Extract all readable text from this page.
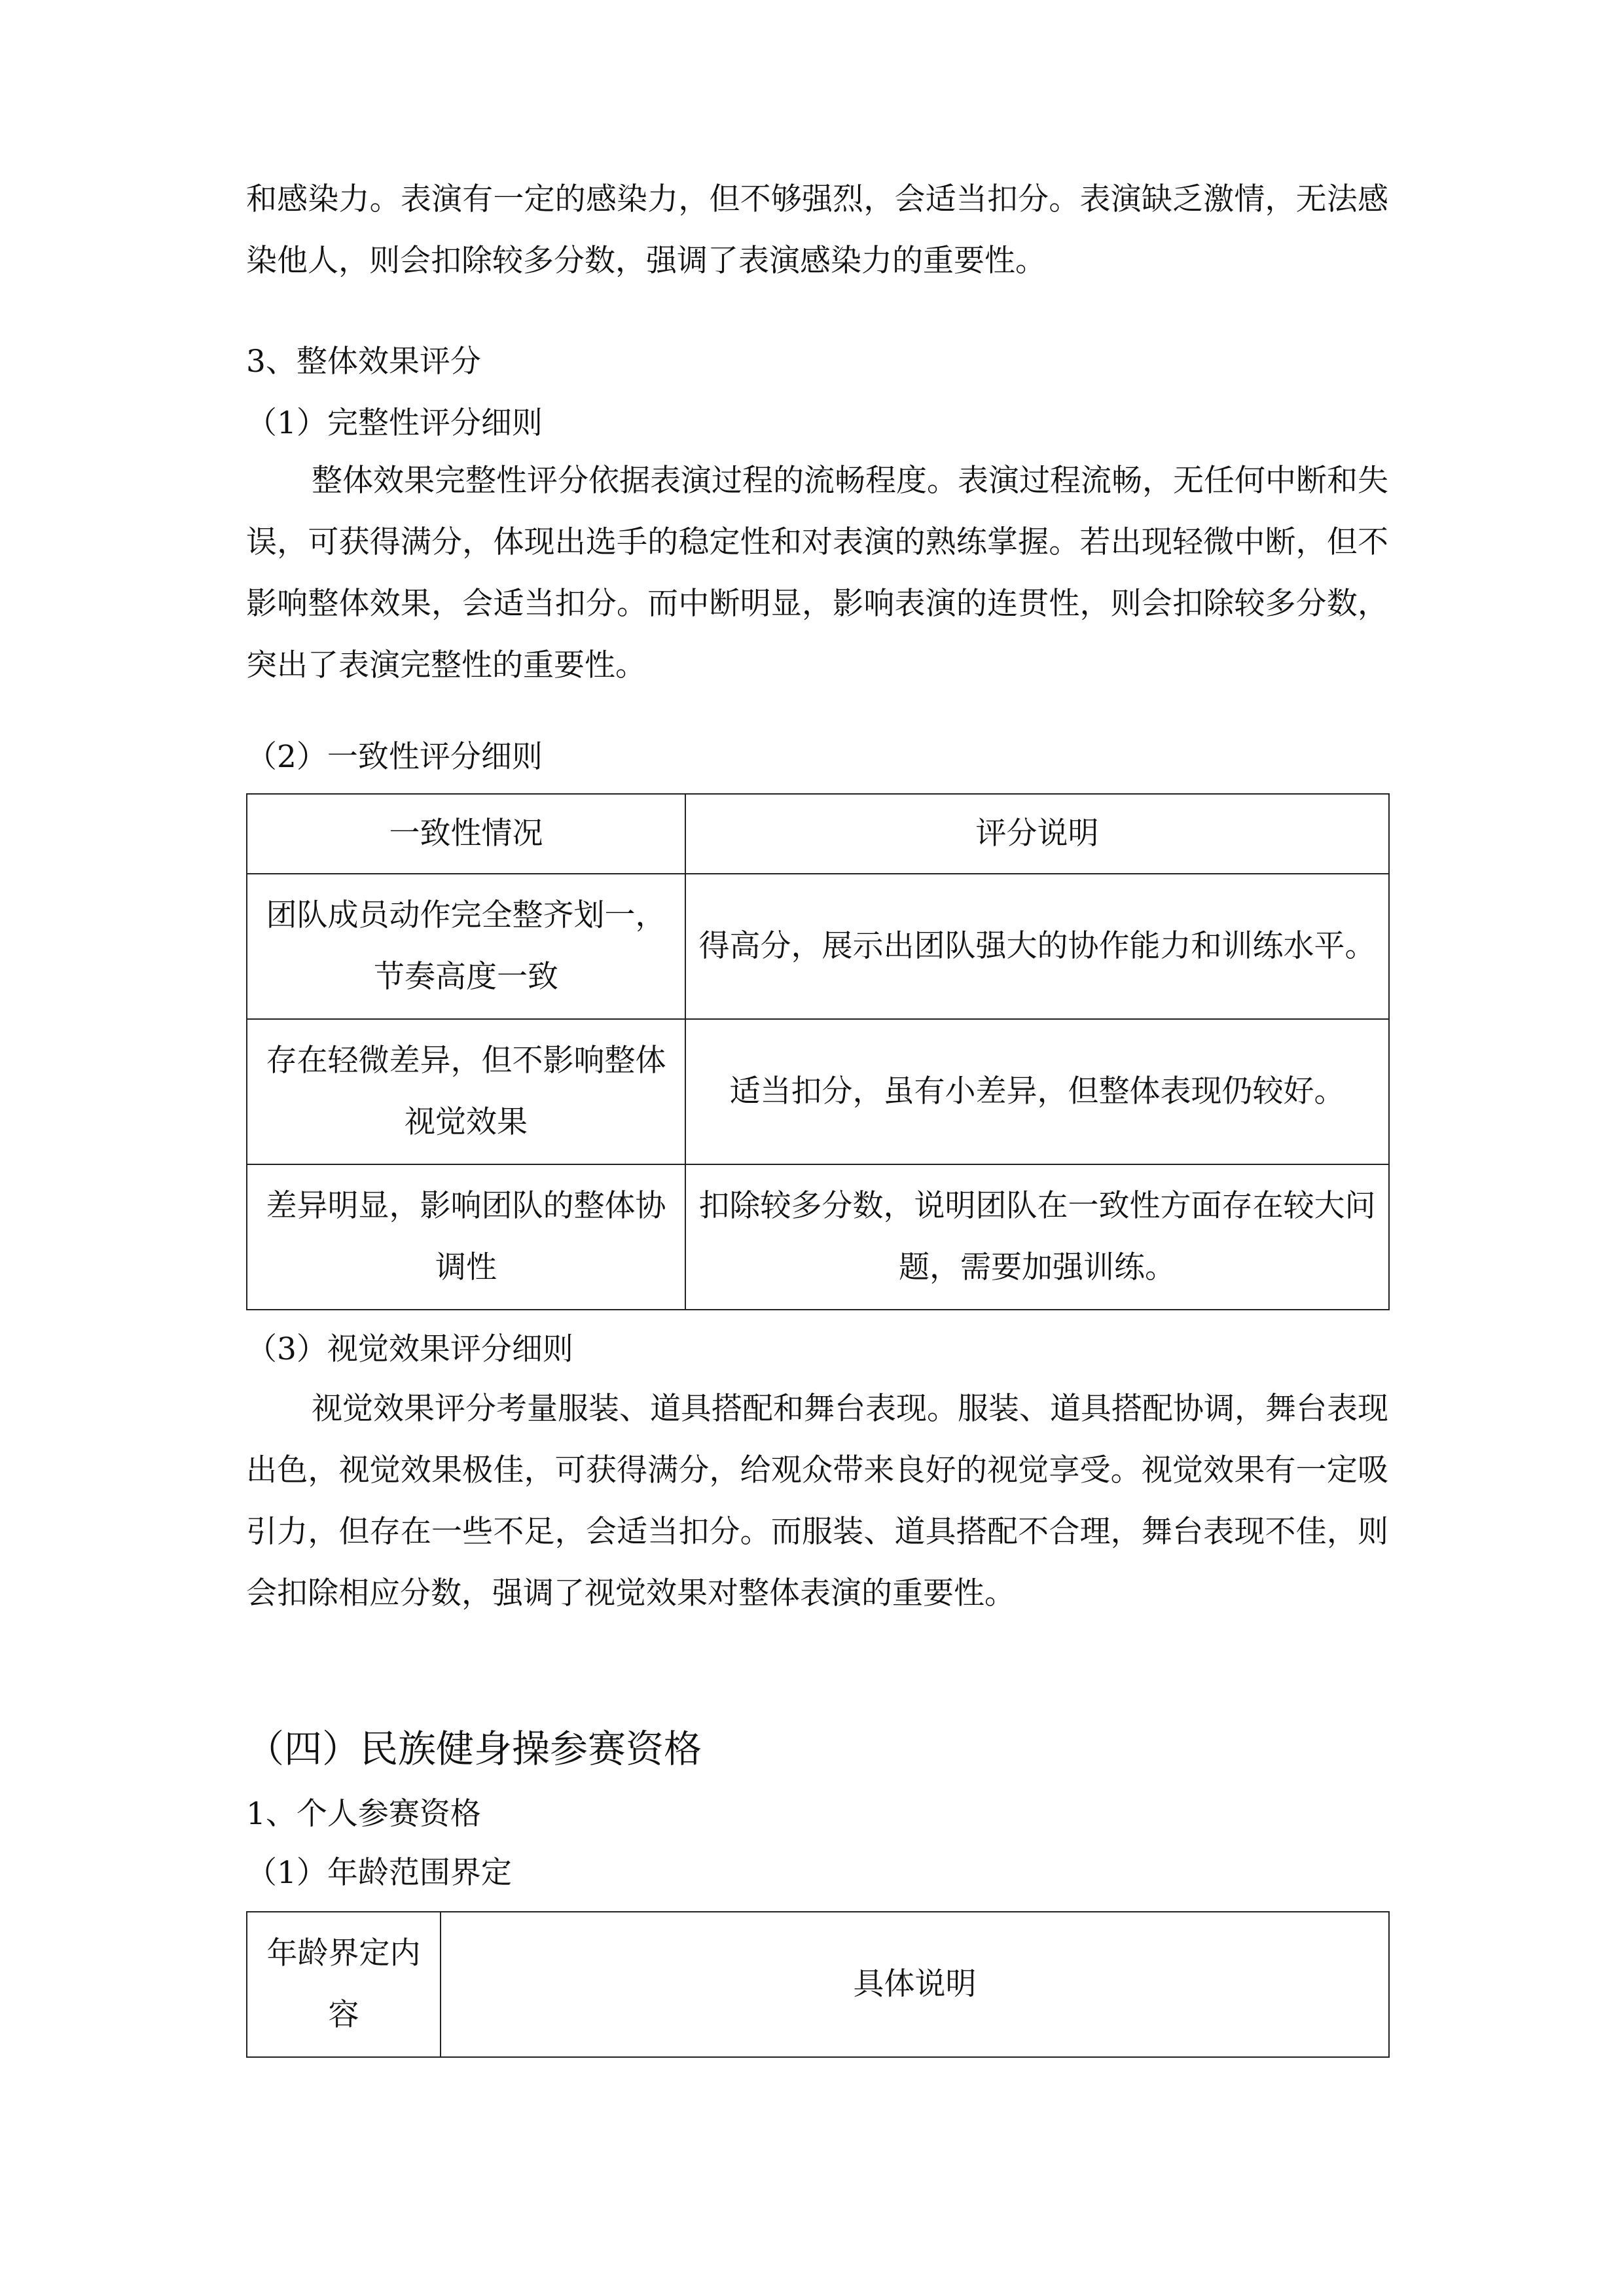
和感染力。表演有一定的感染力，但不够强烈，会适当扣分。表演缺乏激情，无法感染他人，则会扣除较多分数，强调了表演感染力的重要性。
3、整体效果评分
（1）完整性评分细则
整体效果完整性评分依据表演过程的流畅程度。表演过程流畅，无任何中断和失误，可获得满分，体现出选手的稳定性和对表演的熟练掌握。若出现轻微中断，但不影响整体效果，会适当扣分。而中断明显，影响表演的连贯性，则会扣除较多分数，突出了表演完整性的重要性。
（2）一致性评分细则
一致性情况	评分说明
团队成员动作完全整齐划一，节奏高度一致	得高分，展示出团队强大的协作能力和训练水平。
存在轻微差异，但不影响整体视觉效果	适当扣分，虽有小差异，但整体表现仍较好。
差异明显，影响团队的整体协调性	扣除较多分数，说明团队在一致性方面存在较大问题，需要加强训练。
（3）视觉效果评分细则
视觉效果评分考量服装、道具搭配和舞台表现。服装、道具搭配协调，舞台表现出色，视觉效果极佳，可获得满分，给观众带来良好的视觉享受。视觉效果有一定吸引力，但存在一些不足，会适当扣分。而服装、道具搭配不合理，舞台表现不佳，则会扣除相应分数，强调了视觉效果对整体表演的重要性。
（四）民族健身操参赛资格
1、个人参赛资格
（1）年龄范围界定
年龄界定内容	具体说明
